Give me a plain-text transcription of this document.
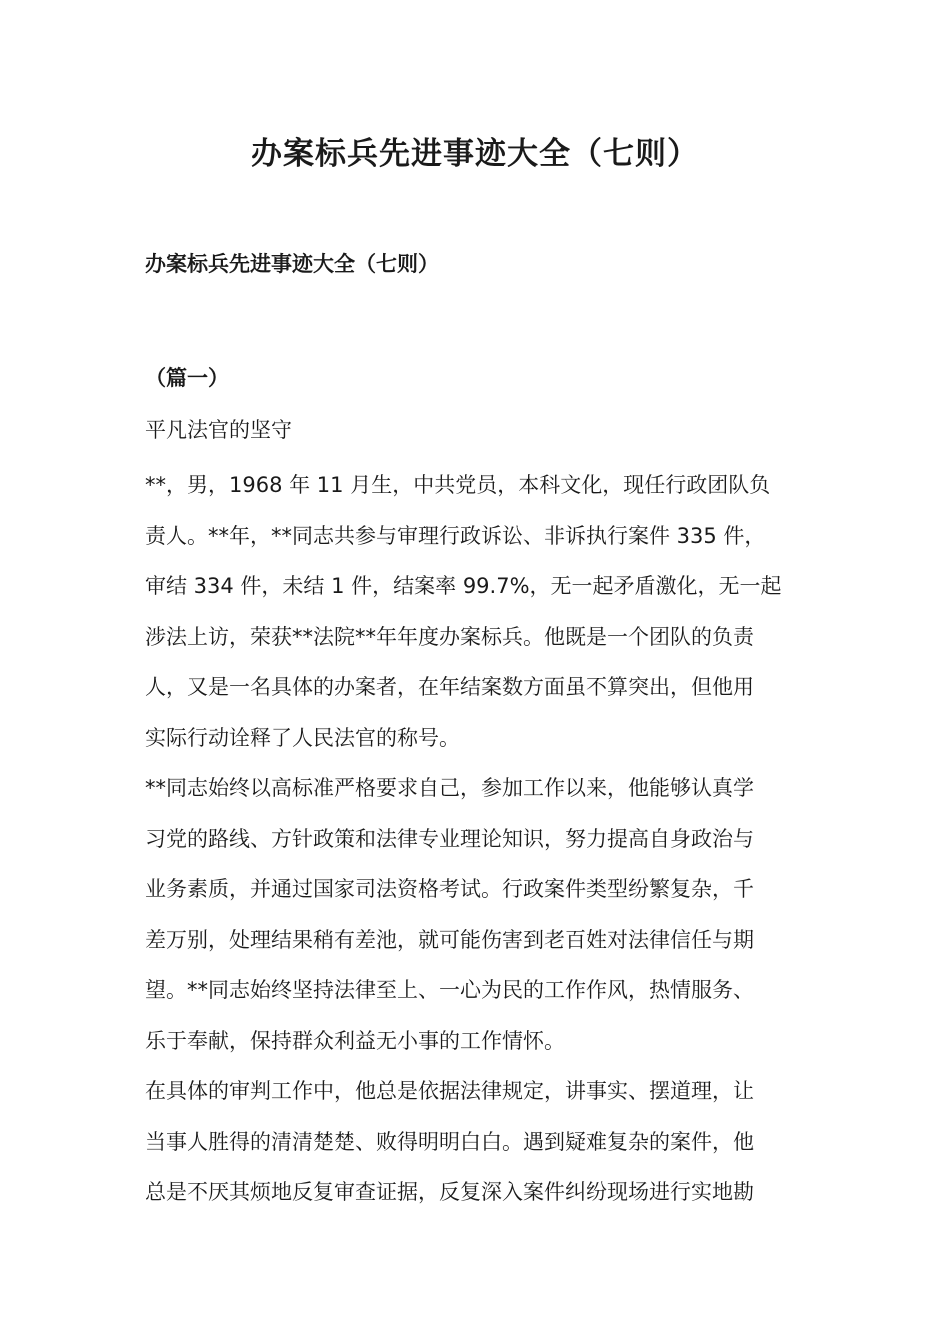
办案标兵先进事迹大全（七则）
办案标兵先进事迹大全（七则）
（篇一）

平凡法官的坚守

**，男，1968 年 11 月生，中共党员，本科文化，现任行政团队负
责人。**年，**同志共参与审理行政诉讼、非诉执行案件 335 件，
审结 334 件，未结 1 件，结案率 99.7%，无一起矛盾激化，无一起
涉法上访，荣获**法院**年年度办案标兵。他既是一个团队的负责
人，又是一名具体的办案者，在年结案数方面虽不算突出，但他用
实际行动诠释了人民法官的称号。

**同志始终以高标准严格要求自己，参加工作以来，他能够认真学
习党的路线、方针政策和法律专业理论知识，努力提高自身政治与
业务素质，并通过国家司法资格考试。行政案件类型纷繁复杂，千
差万别，处理结果稍有差池，就可能伤害到老百姓对法律信任与期
望。**同志始终坚持法律至上、一心为民的工作作风，热情服务、
乐于奉献，保持群众利益无小事的工作情怀。

在具体的审判工作中，他总是依据法律规定，讲事实、摆道理，让
当事人胜得的清清楚楚、败得明明白白。遇到疑难复杂的案件，他
总是不厌其烦地反复审查证据，反复深入案件纠纷现场进行实地勘
